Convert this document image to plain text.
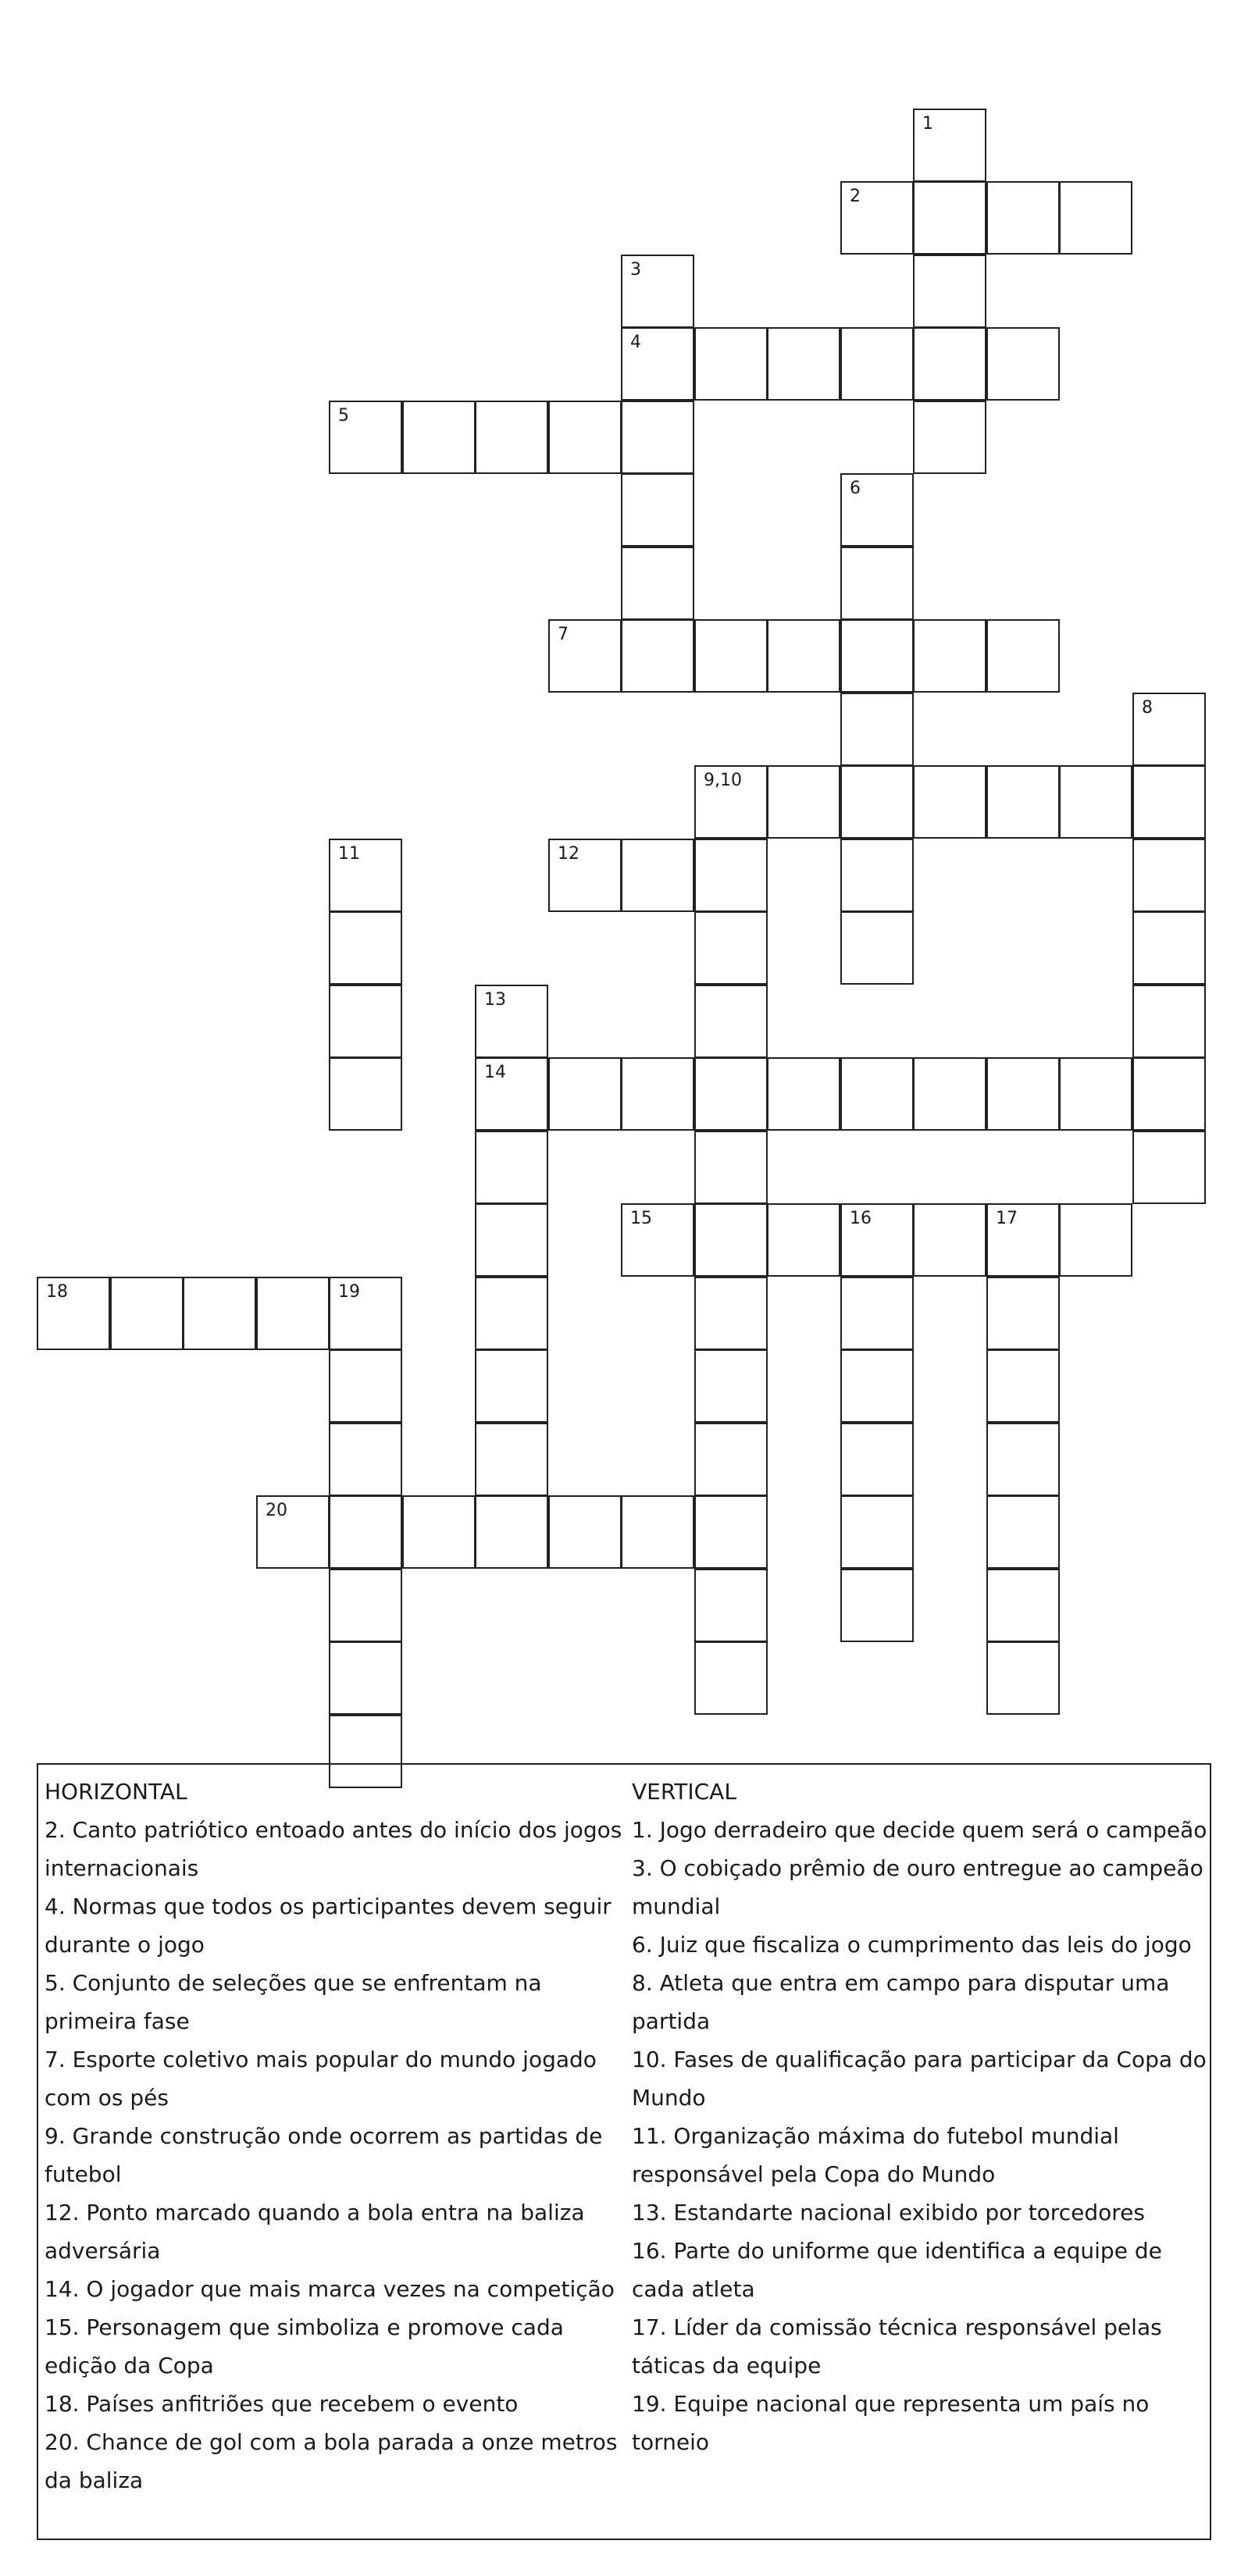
1
2
3
4
5
6
7
8
9,10
11	12
13
14
15	16	17
18	19
20
HORIZONTAL
2. Canto patriótico entoado antes do início dos jogos internacionais
4. Normas que todos os participantes devem seguir durante o jogo
5. Conjunto de seleções que se enfrentam na primeira fase
7. Esporte coletivo mais popular do mundo jogado com os pés
9. Grande construção onde ocorrem as partidas de futebol
12. Ponto marcado quando a bola entra na baliza adversária
14. O jogador que mais marca vezes na competição
15. Personagem que simboliza e promove cada edição da Copa
18. Países anfitriões que recebem o evento
20. Chance de gol com a bola parada a onze metros da baliza
VERTICAL
1. Jogo derradeiro que decide quem será o campeão
3. O cobiçado prêmio de ouro entregue ao campeão mundial
6. Juiz que fiscaliza o cumprimento das leis do jogo
8. Atleta que entra em campo para disputar uma partida
10. Fases de qualificação para participar da Copa do Mundo
11. Organização máxima do futebol mundial responsável pela Copa do Mundo
13. Estandarte nacional exibido por torcedores
16. Parte do uniforme que identifica a equipe de cada atleta
17. Líder da comissão técnica responsável pelas táticas da equipe
19. Equipe nacional que representa um país no torneio
